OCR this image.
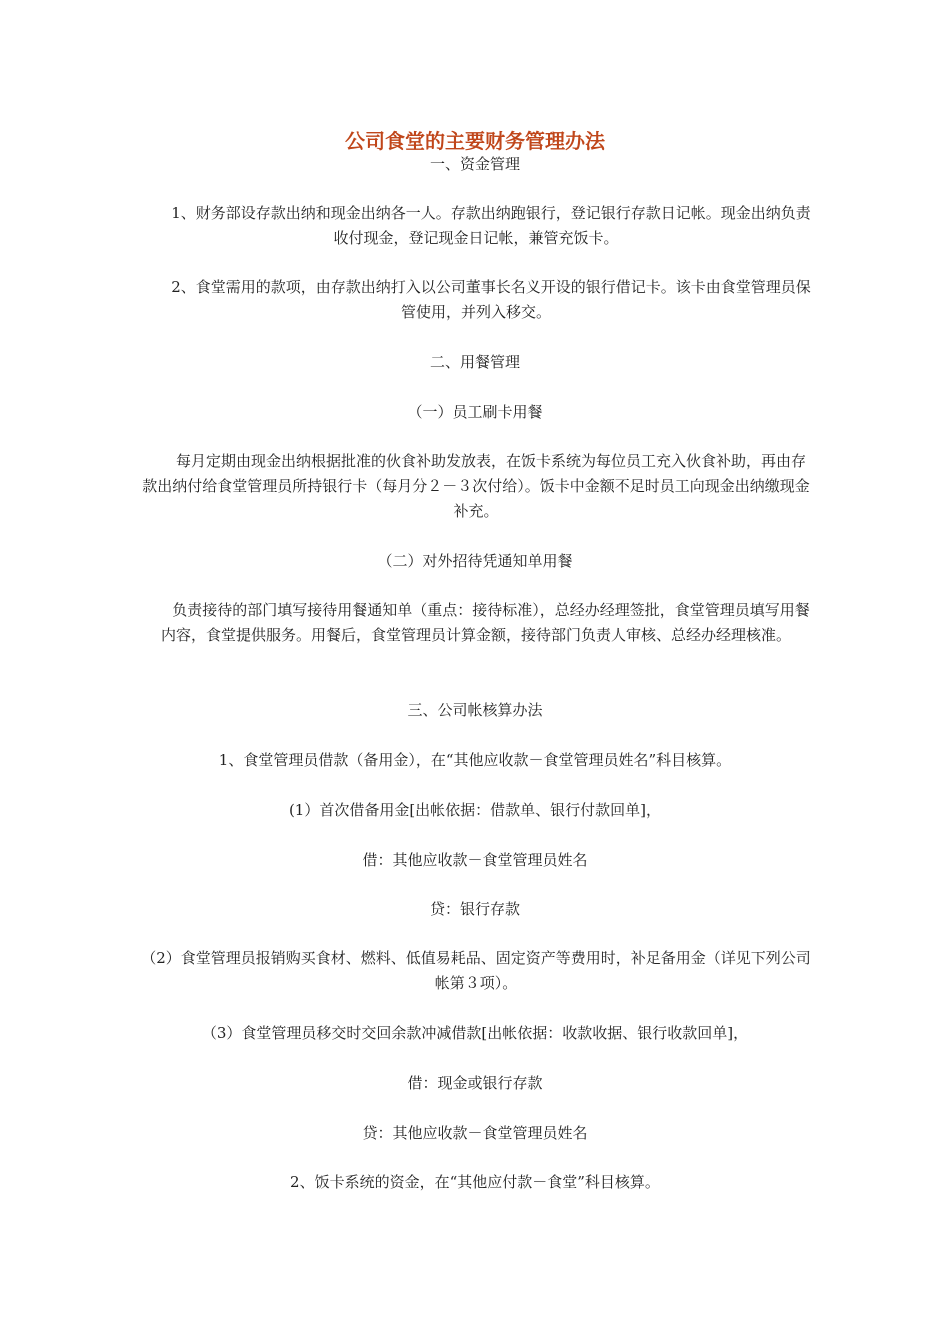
公司食堂的主要财务管理办法
一、资金管理

1、财务部设存款出纳和现金出纳各一人。存款出纳跑银行，登记银行存款日记帐。现金出纳负责收付现金，登记现金日记帐，兼管充饭卡。

2、食堂需用的款项，由存款出纳打入以公司董事长名义开设的银行借记卡。该卡由食堂管理员保管使用，并列入移交。

二、用餐管理
（一）员工刷卡用餐

每月定期由现金出纳根据批准的伙食补助发放表，在饭卡系统为每位员工充入伙食补助，再由存款出纳付给食堂管理员所持银行卡（每月分２－３次付给）。饭卡中金额不足时员工向现金出纳缴现金补充。

（二）对外招待凭通知单用餐

负责接待的部门填写接待用餐通知单（重点：接待标准），总经办经理签批，食堂管理员填写用餐内容，食堂提供服务。用餐后，食堂管理员计算金额，接待部门负责人审核、总经办经理核准。

三、公司帐核算办法
1、食堂管理员借款（备用金），在“其他应收款－食堂管理员姓名”科目核算。
(1）首次借备用金[出帐依据：借款单、银行付款回单]，
借：其他应收款－食堂管理员姓名
贷：银行存款

（2）食堂管理员报销购买食材、燃料、低值易耗品、固定资产等费用时，补足备用金（详见下列公司帐第３项）。

（3）食堂管理员移交时交回余款冲减借款[出帐依据：收款收据、银行收款回单]，
借：现金或银行存款
贷：其他应收款－食堂管理员姓名
2、饭卡系统的资金，在“其他应付款－食堂”科目核算。
